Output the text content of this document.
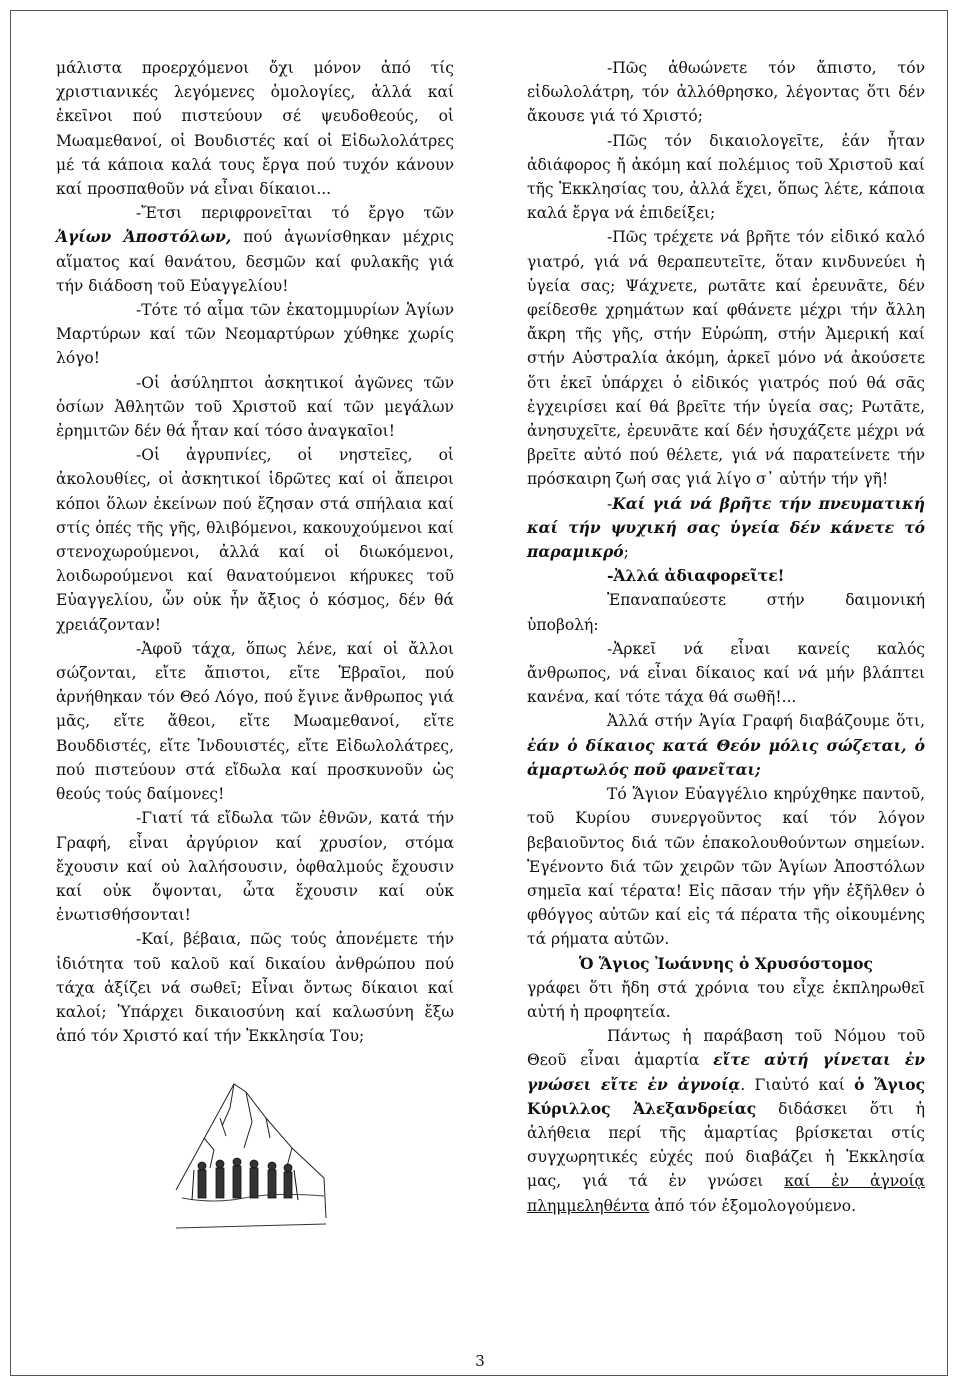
μάλιστα προερχόμενοι ὄχι μόνον ἀπό τίς χριστιανικές λεγόμενες ὁμολογίες, ἀλλά καί ἐκεῖνοι πού πιστεύουν σέ ψευδοθεούς, οἱ Μωαμεθανοί, οἱ Βουδιστές καί οἱ Εἰδωλολάτρες μέ τά κάποια καλά τους ἔργα πού τυχόν κάνουν καί προσπαθοῦν νά εἶναι δίκαιοι...

-Ἔτσι περιφρονεῖται τό ἔργο τῶν Ἁγίων Ἀποστόλων, πού ἀγωνίσθηκαν μέχρις αἵματος καί θανάτου, δεσμῶν καί φυλακῆς γιά τήν διάδοση τοῦ Εὐαγγελίου!

-Τότε τό αἷμα τῶν ἑκατομμυρίων Ἁγίων Μαρτύρων καί τῶν Νεομαρτύρων χύθηκε χωρίς λόγο!

-Οἱ ἀσύληπτοι ἀσκητικοί ἀγῶνες τῶν ὁσίων Ἀθλητῶν τοῦ Χριστοῦ καί τῶν μεγάλων ἐρημιτῶν δέν θά ἦταν καί τόσο ἀναγκαῖοι!

-Οἱ ἀγρυπνίες, οἱ νηστεῖες, οἱ ἀκολουθίες, οἱ ἀσκητικοί ἱδρῶτες καί οἱ ἄπειροι κόποι ὅλων ἐκείνων πού ἔζησαν στά σπήλαια καί στίς ὀπές τῆς γῆς, θλιβόμενοι, κακουχούμενοι καί στενοχωρούμενοι, ἀλλά καί οἱ διωκόμενοι, λοιδωρούμενοι καί θανατούμενοι κήρυκες τοῦ Εὐαγγελίου, ὧν οὐκ ἦν ἄξιος ὁ κόσμος, δέν θά χρειάζονταν!

-Ἀφοῦ τάχα, ὅπως λένε, καί οἱ ἄλλοι σώζονται, εἴτε ἄπιστοι, εἴτε Ἑβραῖοι, πού ἀρνήθηκαν τόν Θεό Λόγο, πού ἔγινε ἄνθρωπος γιά μᾶς, εἴτε ἄθεοι, εἴτε Μωαμεθανοί, εἴτε Βουδδιστές, εἴτε Ἰνδουιστές, εἴτε Εἰδωλολάτρες, πού πιστεύουν στά εἴδωλα καί προσκυνοῦν ὡς θεούς τούς δαίμονες!

-Γιατί τά εἴδωλα τῶν ἐθνῶν, κατά τήν Γραφή, εἶναι ἀργύριον καί χρυσίον, στόμα ἔχουσιν καί οὐ λαλήσουσιν, ὀφθαλμούς ἔχουσιν καί οὐκ ὄψονται, ὦτα ἔχουσιν καί οὐκ ἐνωτισθήσονται!

-Καί, βέβαια, πῶς τούς ἀπονέμετε τήν ἰδιότητα τοῦ καλοῦ καί δικαίου ἀνθρώπου πού τάχα ἀξίζει νά σωθεῖ; Εἶναι ὄντως δίκαιοι καί καλοί; Ὑπάρχει δικαιοσύνη καί καλωσύνη ἔξω ἀπό τόν Χριστό καί τήν Ἐκκλησία Του;

-Πῶς ἀθωώνετε τόν ἄπιστο, τόν εἰδωλολάτρη, τόν ἀλλόθρησκο, λέγοντας ὅτι δέν ἄκουσε γιά τό Χριστό;

-Πῶς τόν δικαιολογεῖτε, ἐάν ἦταν ἀδιάφορος ἤ ἀκόμη καί πολέμιος τοῦ Χριστοῦ καί τῆς Ἐκκλησίας του, ἀλλά ἔχει, ὅπως λέτε, κάποια καλά ἔργα νά ἐπιδείξει;

-Πῶς τρέχετε νά βρῆτε τόν εἰδικό καλό γιατρό, γιά νά θεραπευτεῖτε, ὅταν κινδυνεύει ἡ ὑγεία σας; Ψάχνετε, ρωτᾶτε καί ἐρευνᾶτε, δέν φείδεσθε χρημάτων καί φθάνετε μέχρι τήν ἄλλη ἄκρη τῆς γῆς, στήν Εὐρώπη, στήν Ἀμερική καί στήν Αὐστραλία ἀκόμη, ἀρκεῖ μόνο νά ἀκούσετε ὅτι ἐκεῖ ὑπάρχει ὁ εἰδικός γιατρός πού θά σᾶς ἐγχειρίσει καί θά βρεῖτε τήν ὑγεία σας; Ρωτᾶτε, ἀνησυχεῖτε, ἐρευνᾶτε καί δέν ἡσυχάζετε μέχρι νά βρεῖτε αὐτό πού θέλετε, γιά νά παρατείνετε τήν πρόσκαιρη ζωή σας γιά λίγο σ᾽ αὐτήν τήν γῆ!

-Καί γιά νά βρῆτε τήν πνευματική καί τήν ψυχική σας ὑγεία δέν κάνετε τό παραμικρό;

-Ἀλλά ἀδιαφορεῖτε!

Ἐπαναπαύεστε στήν δαιμονική ὑποβολή:

-Ἀρκεῖ νά εἶναι κανείς καλός ἄνθρωπος, νά εἶναι δίκαιος καί νά μήν βλάπτει κανένα, καί τότε τάχα θά σωθῆ!...

Ἀλλά στήν Ἁγία Γραφή διαβάζουμε ὅτι, ἐάν ὁ δίκαιος κατά Θεόν μόλις σώζεται, ὁ ἁμαρτωλός ποῦ φανεῖται;

Τό Ἅγιον Εὐαγγέλιο κηρύχθηκε παντοῦ, τοῦ Κυρίου συνεργοῦντος καί τόν λόγον βεβαιοῦντος διά τῶν ἐπακολουθούντων σημείων. Ἐγένοντο διά τῶν χειρῶν τῶν Ἁγίων Ἀποστόλων σημεῖα καί τέρατα! Εἰς πᾶσαν τήν γῆν ἐξῆλθεν ὁ φθόγγος αὐτῶν καί εἰς τά πέρατα τῆς οἰκουμένης τά ρήματα αὐτῶν.

Ὁ Ἅγιος Ἰωάννης ὁ Χρυσόστομος

γράφει ὅτι ἤδη στά χρόνια του εἶχε ἐκπληρωθεῖ αὐτή ἡ προφητεία.

Πάντως ἡ παράβαση τοῦ Νόμου τοῦ Θεοῦ εἶναι ἁμαρτία εἴτε αὐτή γίνεται ἐν γνώσει εἴτε ἐν ἀγνοίᾳ. Γιαὐτό καί ὁ Ἅγιος Κύριλλος Ἀλεξανδρείας διδάσκει ὅτι ἡ ἀλήθεια περί τῆς ἁμαρτίας βρίσκεται στίς συγχωρητικές εὐχές πού διαβάζει ἡ Ἐκκλησία μας, γιά τά ἐν γνώσει καί ἐν ἀγνοίᾳ πλημμεληθέντα ἀπό τόν ἐξομολογούμενο.

3
